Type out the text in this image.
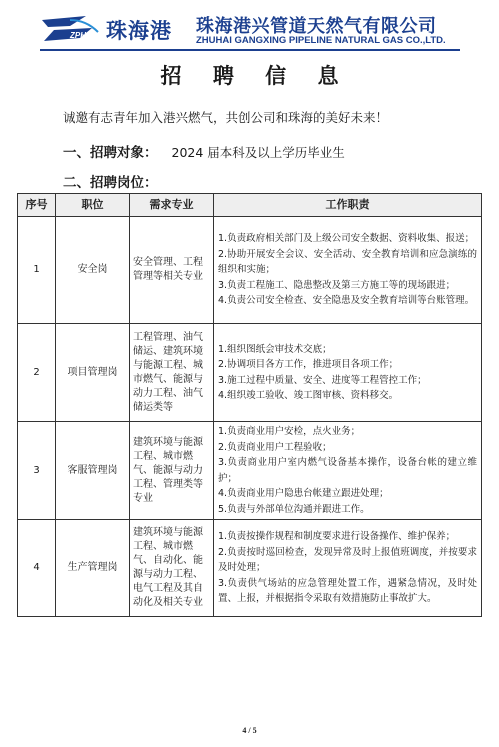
ZPH 珠海港 珠海港兴管道天然气有限公司
ZHUHAI GANGXING PIPELINE NATURAL GAS CO.,LTD.
招 聘 信 息
诚邀有志青年加入港兴燃气，共创公司和珠海的美好未来！
一、招聘对象： 2024 届本科及以上学历毕业生
二、招聘岗位：
序号	职位	需求专业	工作职责
1	安全岗	安全管理、工程管理等相关专业	1.负责政府相关部门及上级公司安全数据、资料收集、报送；
2.协助开展安全会议、安全活动、安全教育培训和应急演练的组织和实施；
3.负责工程施工、隐患整改及第三方施工等的现场跟进；
4.负责公司安全检查、安全隐患及安全教育培训等台账管理。

2	项目管理岗	工程管理、油气储运、建筑环境与能源工程、城市燃气、能源与动力工程、油气储运类等	1.组织图纸会审技术交底；
2.协调项目各方工作，推进项目各项工作；
3.施工过程中质量、安全、进度等工程管控工作；
4.组织竣工验收、竣工图审核、资料移交。

3	客服管理岗	建筑环境与能源工程、城市燃气、能源与动力工程、管理类等专业	1.负责商业用户安检，点火业务；
2.负责商业用户工程验收；
3.负责商业用户室内燃气设备基本操作，设备台帐的建立维护；
4.负责商业用户隐患台帐建立跟进处理；
5.负责与外部单位沟通并跟进工作。

4	生产管理岗	建筑环境与能源工程、城市燃气、自动化、能源与动力工程、电气工程及其自动化及相关专业	1.负责按操作规程和制度要求进行设备操作、维护保养；
2.负责按时巡回检查，发现异常及时上报值班调度，并按要求及时处理；
3.负责供气场站的应急管理处置工作，遇紧急情况，及时处置、上报，并根据指令采取有效措施防止事故扩大。
4 / 5
